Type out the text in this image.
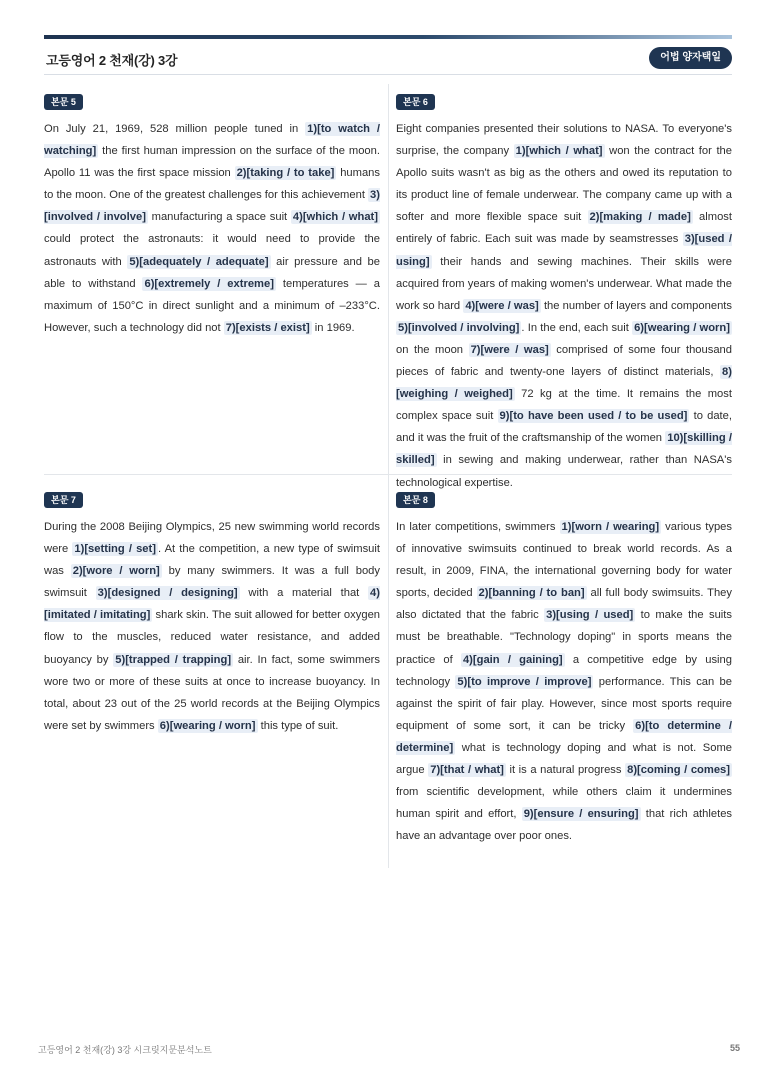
고등영어 2 천재(강) 3강	어법 양자택일
본문 5
On July 21, 1969, 528 million people tuned in 1)[to watch / watching] the first human impression on the surface of the moon. Apollo 11 was the first space mission 2)[taking / to take] humans to the moon. One of the greatest challenges for this achievement 3)[involved / involve] manufacturing a space suit 4)[which / what] could protect the astronauts: it would need to provide the astronauts with 5)[adequately / adequate] air pressure and be able to withstand 6)[extremely / extreme] temperatures — a maximum of 150°C in direct sunlight and a minimum of –233°C. However, such a technology did not 7)[exists / exist] in 1969.
본문 6
Eight companies presented their solutions to NASA. To everyone's surprise, the company 1)[which / what] won the contract for the Apollo suits wasn't as big as the others and owed its reputation to its product line of female underwear. The company came up with a softer and more flexible space suit 2)[making / made] almost entirely of fabric. Each suit was made by seamstresses 3)[used / using] their hands and sewing machines. Their skills were acquired from years of making women's underwear. What made the work so hard 4)[were / was] the number of layers and components 5)[involved / involving] . In the end, each suit 6)[wearing / worn] on the moon 7)[were / was] comprised of some four thousand pieces of fabric and twenty-one layers of distinct materials, 8)[weighing / weighed] 72 kg at the time. It remains the most complex space suit 9)[to have been used / to be used] to date, and it was the fruit of the craftsmanship of the women 10)[skilling / skilled] in sewing and making underwear, rather than NASA's technological expertise.
본문 7
During the 2008 Beijing Olympics, 25 new swimming world records were 1)[setting / set] . At the competition, a new type of swimsuit was 2)[wore / worn] by many swimmers. It was a full body swimsuit 3)[designed / designing] with a material that 4)[imitated / imitating] shark skin. The suit allowed for better oxygen flow to the muscles, reduced water resistance, and added buoyancy by 5)[trapped / trapping] air. In fact, some swimmers wore two or more of these suits at once to increase buoyancy. In total, about 23 out of the 25 world records at the Beijing Olympics were set by swimmers 6)[wearing / worn] this type of suit.
본문 8
In later competitions, swimmers 1)[worn / wearing] various types of innovative swimsuits continued to break world records. As a result, in 2009, FINA, the international governing body for water sports, decided 2)[banning / to ban] all full body swimsuits. They also dictated that the fabric 3)[using / used] to make the suits must be breathable. "Technology doping" in sports means the practice of 4)[gain / gaining] a competitive edge by using technology 5)[to improve / improve] performance. This can be against the spirit of fair play. However, since most sports require equipment of some sort, it can be tricky 6)[to determine / determine] what is technology doping and what is not. Some argue 7)[that / what] it is a natural progress 8)[coming / comes] from scientific development, while others claim it undermines human spirit and effort, 9)[ensure / ensuring] that rich athletes have an advantage over poor ones.
고등영어 2 천재(강) 3강 시크릿지문분석노트	55
